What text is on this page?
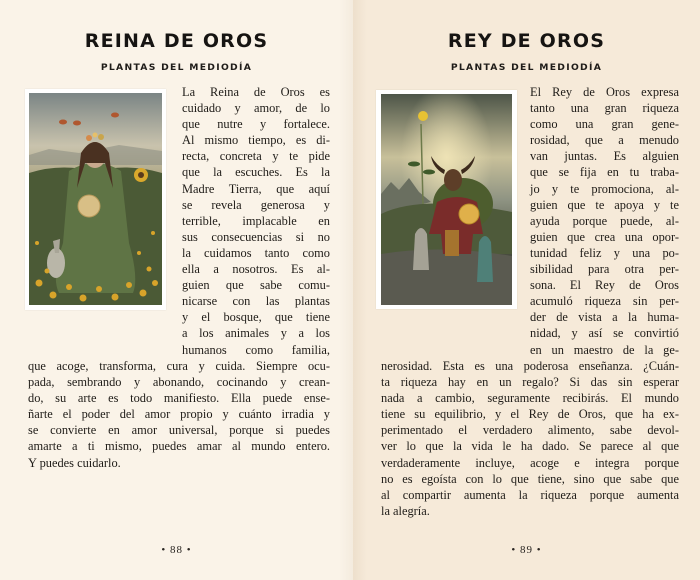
REINA DE OROS
PLANTAS DEL MEDIODÍA
La Reina de Oros es
cuidado y amor, de lo
que nutre y fortalece.
Al mismo tiempo, es di-
recta, concreta y te pide
que la escuches. Es la
Madre Tierra, que aquí
se revela generosa y
terrible, implacable en
sus consecuencias si no
la cuidamos tanto como
ella a nosotros. Es al-
guien que sabe comu-
nicarse con las plantas
y el bosque, que tiene
a los animales y a los
humanos como familia,
que acoge, transforma, cura y cuida. Siempre ocu-
pada, sembrando y abonando, cocinando y crean-
do, su arte es todo manifiesto. Ella puede ense-
ñarte el poder del amor propio y cuánto irradia y
se convierte en amor universal, porque si puedes
amarte a ti mismo, puedes amar al mundo entero.
Y puedes cuidarlo.
• 88 •
REY DE OROS
PLANTAS DEL MEDIODÍA
El Rey de Oros expresa
tanto una gran riqueza
como una gran gene-
rosidad, que a menudo
van juntas. Es alguien
que se fija en tu traba-
jo y te promociona, al-
guien que te apoya y te
ayuda porque puede, al-
guien que crea una opor-
tunidad feliz y una po-
sibilidad para otra per-
sona. El Rey de Oros
acumuló riqueza sin per-
der de vista a la huma-
nidad, y así se convirtió
en un maestro de la ge-
nerosidad. Esta es una poderosa enseñanza. ¿Cuán-
ta riqueza hay en un regalo? Si das sin esperar
nada a cambio, seguramente recibirás. El mundo
tiene su equilibrio, y el Rey de Oros, que ha ex-
perimentado el verdadero alimento, sabe devol-
ver lo que la vida le ha dado. Se parece al que
verdaderamente incluye, acoge e integra porque
no es egoísta con lo que tiene, sino que sabe que
al compartir aumenta la riqueza porque aumenta
la alegría.
• 89 •
